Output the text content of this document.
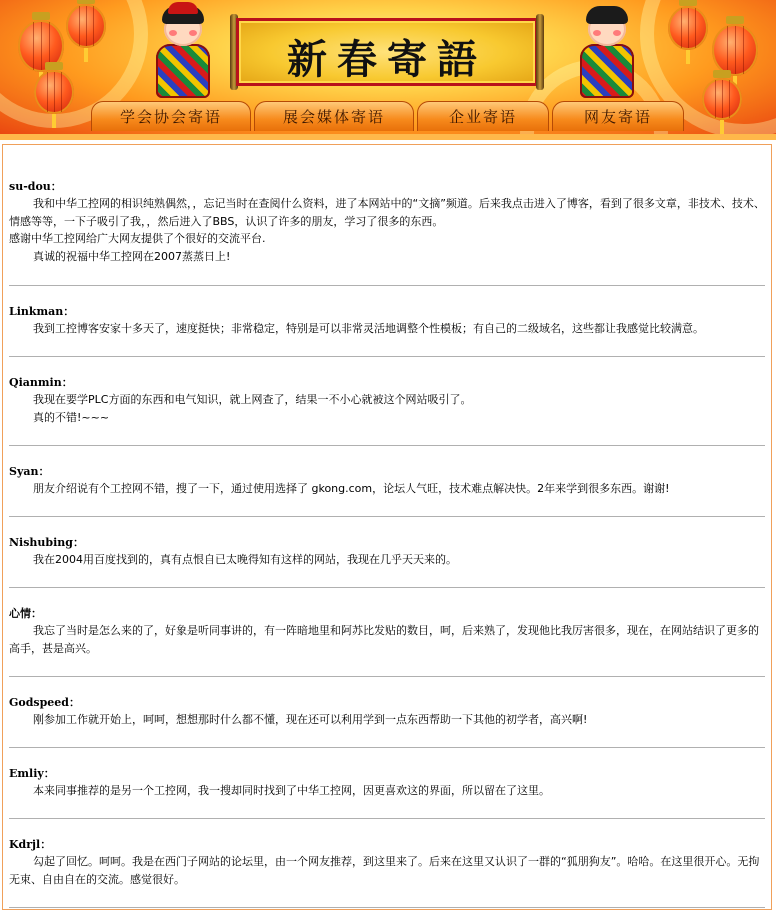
新春寄語
学会协会寄语	展会媒体寄语	企业寄语	网友寄语
su-dou：
我和中华工控网的相识纯熟偶然，，忘记当时在查阅什么资料，进了本网站中的“文摘”频道。后来我点击进入了博客，看到了很多文章，非技术、技术、情感等等，一下子吸引了我，，然后进入了BBS，认识了许多的朋友，学习了很多的东西。
感谢中华工控网给广大网友提供了个很好的交流平台.
真诚的祝福中华工控网在2007蒸蒸日上!
Linkman：
我到工控博客安家十多天了，速度挺快；非常稳定，特别是可以非常灵活地调整个性模板；有自己的二级域名，这些都让我感觉比较满意。
Qianmin：
我现在要学PLC方面的东西和电气知识，就上网查了，结果一不小心就被这个网站吸引了。
真的不错!~~~
Syan：
朋友介绍说有个工控网不错，搜了一下，通过使用选择了 gkong.com，论坛人气旺，技术难点解决快。2年来学到很多东西。谢谢!
Nishubing：
我在2004用百度找到的，真有点恨自已太晚得知有这样的网站，我现在几乎天天来的。
心情：
我忘了当时是怎么来的了，好象是听同事讲的，有一阵暗地里和阿苏比发贴的数目，呵，后来熟了，发现他比我厉害很多，现在，在网站结识了更多的高手，甚是高兴。
Godspeed：
刚参加工作就开始上，呵呵，想想那时什么都不懂，现在还可以利用学到一点东西帮助一下其他的初学者，高兴啊!
Emliy：
本来同事推荐的是另一个工控网，我一搜却同时找到了中华工控网，因更喜欢这的界面，所以留在了这里。
Kdrjl：
勾起了回忆。呵呵。我是在西门子网站的论坛里，由一个网友推荐，到这里来了。后来在这里又认识了一群的“狐朋狗友”。哈哈。在这里很开心。无拘无束、自由自在的交流。感觉很好。
